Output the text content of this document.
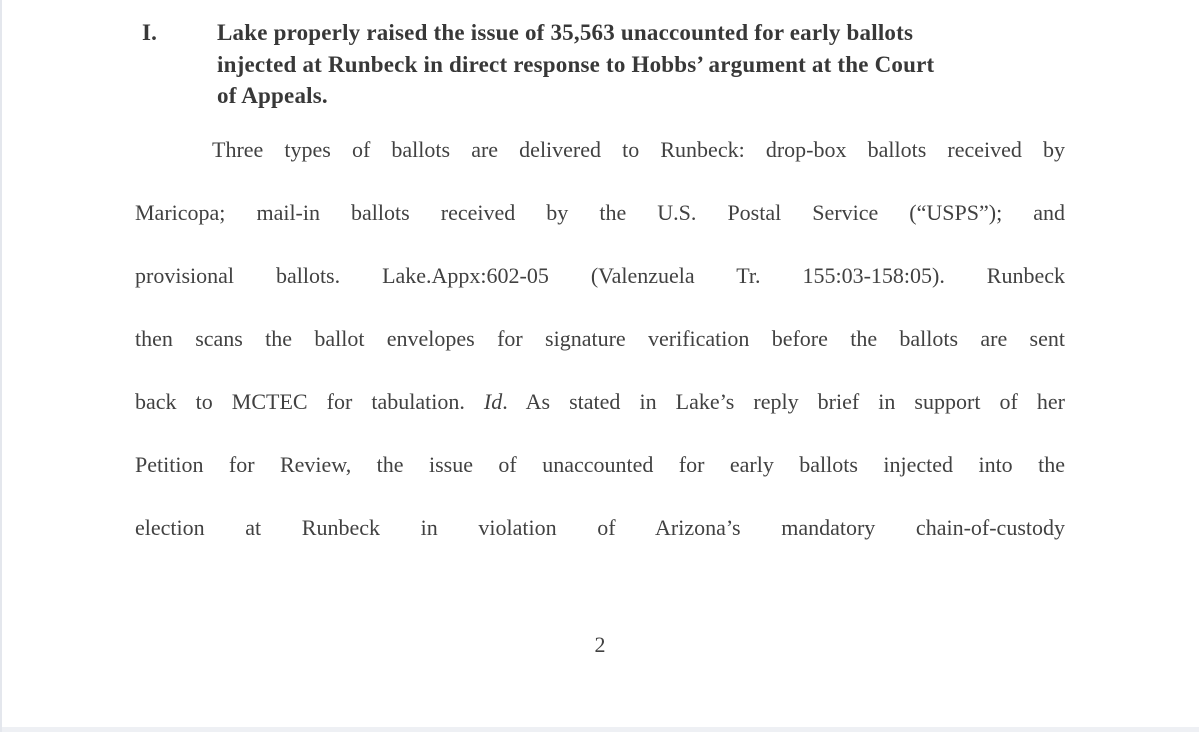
I.	Lake properly raised the issue of 35,563 unaccounted for early ballots
injected at Runbeck in direct response to Hobbs’ argument at the Court
of Appeals.
Three types of ballots are delivered to Runbeck: drop-box ballots received by
Maricopa; mail-in ballots received by the U.S. Postal Service (“USPS”); and
provisional ballots. Lake.Appx:602-05 (Valenzuela Tr. 155:03-158:05). Runbeck
then scans the ballot envelopes for signature verification before the ballots are sent
back to MCTEC for tabulation. Id. As stated in Lake’s reply brief in support of her
Petition for Review, the issue of unaccounted for early ballots injected into the
election at Runbeck in violation of Arizona’s mandatory chain-of-custody
2
